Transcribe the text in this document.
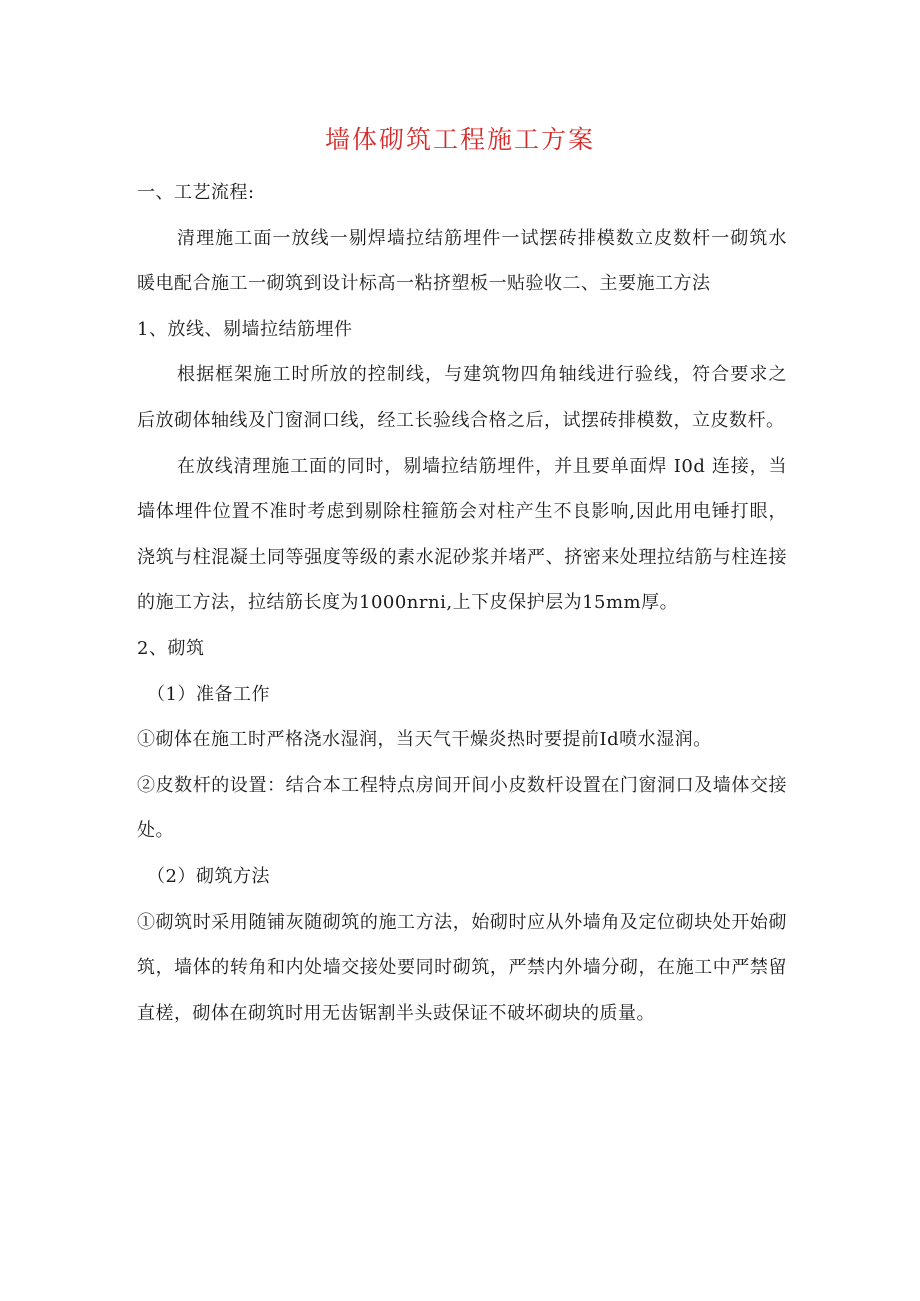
墙体砌筑工程施工方案

一、工艺流程:

清理施工面一放线一剔焊墙拉结筋埋件一试摆砖排模数立皮数杆一砌筑水暖电配合施工一砌筑到设计标高一粘挤塑板一贴验收二、主要施工方法

1、放线、剔墙拉结筋埋件

根据框架施工时所放的控制线，与建筑物四角轴线进行验线，符合要求之后放砌体轴线及门窗洞口线，经工长验线合格之后，试摆砖排模数，立皮数杆。

在放线清理施工面的同时，剔墙拉结筋埋件，并且要单面焊 I0d 连接，当墙体埋件位置不准时考虑到剔除柱箍筋会对柱产生不良影响,因此用电锤打眼，浇筑与柱混凝土同等强度等级的素水泥砂浆并堵严、挤密来处理拉结筋与柱连接的施工方法，拉结筋长度为1000nrni,上下皮保护层为15mm厚。

2、砌筑

（1）准备工作

①砌体在施工时严格浇水湿润，当天气干燥炎热时要提前Id喷水湿润。

②皮数杆的设置：结合本工程特点房间开间小皮数杆设置在门窗洞口及墙体交接处。

（2）砌筑方法

①砌筑时采用随铺灰随砌筑的施工方法，始砌时应从外墙角及定位砌块处开始砌筑，墙体的转角和内处墙交接处要同时砌筑，严禁内外墙分砌，在施工中严禁留直槎，砌体在砌筑时用无齿锯割半头豉保证不破坏砌块的质量。
